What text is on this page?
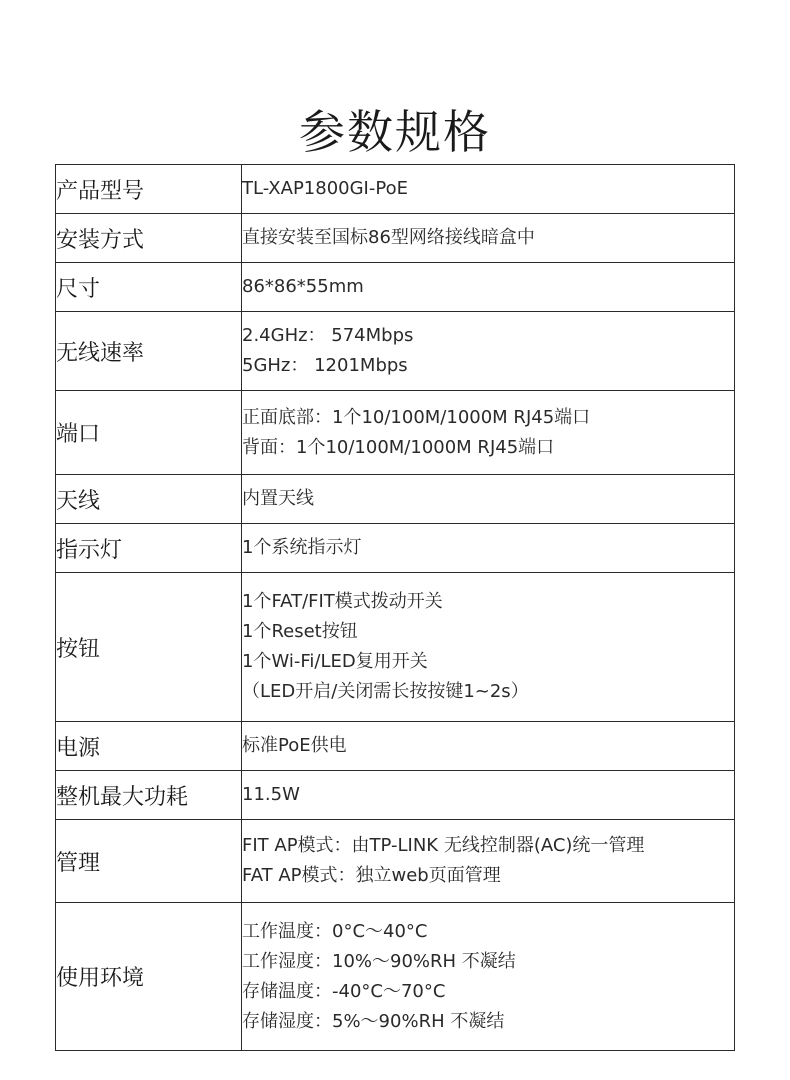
参数规格
产品型号	TL-XAP1800GI-PoE

安装方式	直接安装至国标86型网络接线暗盒中

尺寸	86*86*55mm

无线速率	2.4GHz： 574Mbps
5GHz： 1201Mbps

端口	正面底部：1个10/100M/1000M RJ45端口
背面：1个10/100M/1000M RJ45端口

天线	内置天线

指示灯	1个系统指示灯

按钮	1个FAT/FIT模式拨动开关
1个Reset按钮
1个Wi-Fi/LED复用开关
（LED开启/关闭需长按按键1~2s）

电源	标准PoE供电

整机最大功耗	11.5W

管理	FIT AP模式：由TP-LINK 无线控制器(AC)统一管理
FAT AP模式：独立web页面管理

使用环境	工作温度：0°C～40°C
工作湿度：10%～90%RH 不凝结
存储温度：-40°C～70°C
存储湿度：5%～90%RH 不凝结
